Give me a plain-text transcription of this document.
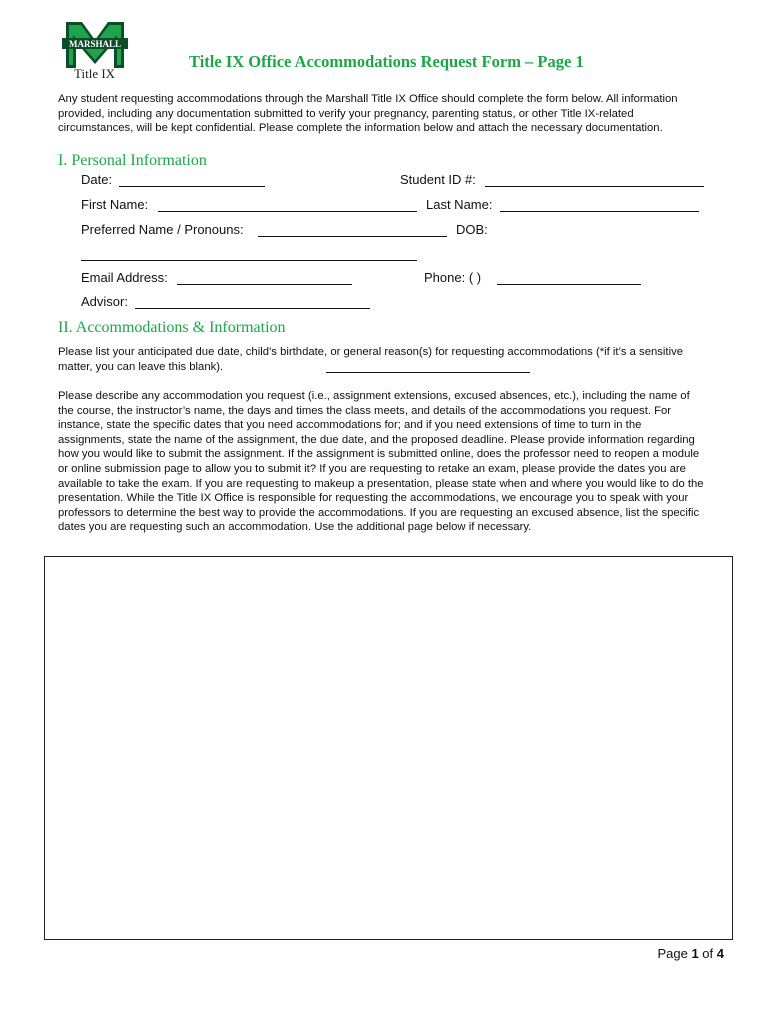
MARSHALL
Title IX
Title IX Office Accommodations Request Form – Page 1
Any student requesting accommodations through the Marshall Title IX Office should complete the form below. All information provided, including any documentation submitted to verify your pregnancy, parenting status, or other Title IX-related circumstances, will be kept confidential. Please complete the information below and attach the necessary documentation.
I. Personal Information
Date:	Student ID #:
First Name:	Last Name:
Preferred Name / Pronouns:	DOB:
Email Address:	Phone: ( )
Advisor:
II. Accommodations & Information
Please list your anticipated due date, child’s birthdate, or general reason(s) for requesting accommodations (*if it’s a sensitive matter, you can leave this blank).
Please describe any accommodation you request (i.e., assignment extensions, excused absences, etc.), including the name of the course, the instructor’s name, the days and times the class meets, and details of the accommodations you request. For instance, state the specific dates that you need accommodations for; and if you need extensions of time to turn in the assignments, state the name of the assignment, the due date, and the proposed deadline. Please provide information regarding how you would like to submit the assignment. If the assignment is submitted online, does the professor need to reopen a module or online submission page to allow you to submit it? If you are requesting to retake an exam, please provide the dates you are available to take the exam. If you are requesting to makeup a presentation, please state when and where you would like to do the presentation. While the Title IX Office is responsible for requesting the accommodations, we encourage you to speak with your professors to determine the best way to provide the accommodations. If you are requesting an excused absence, list the specific dates you are requesting such an accommodation. Use the additional page below if necessary.
Page 1 of 4
